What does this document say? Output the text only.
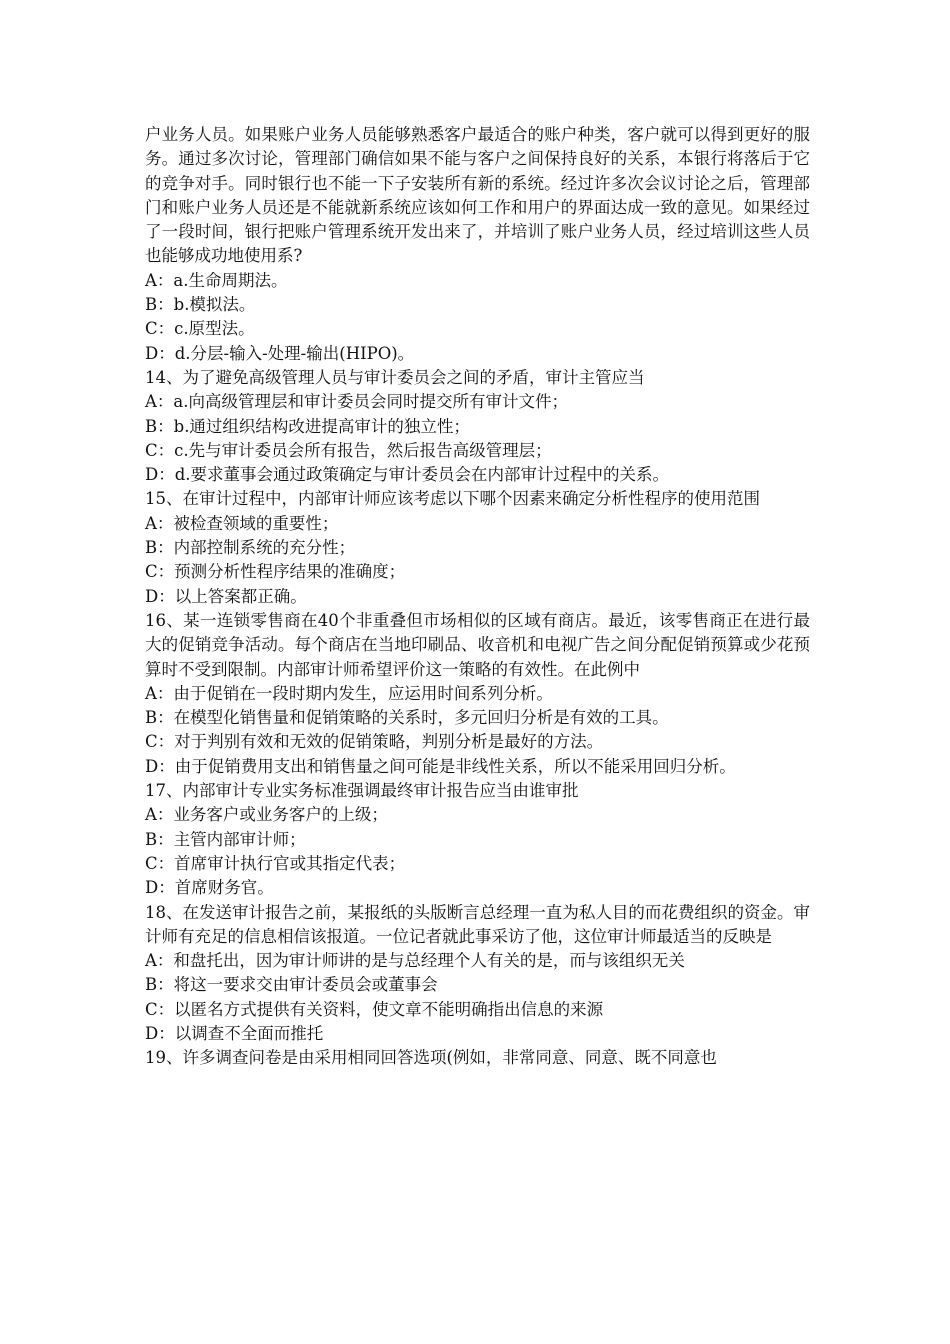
户业务人员。如果账户业务人员能够熟悉客户最适合的账户种类，客户就可以得到更好的服务。通过多次讨论，管理部门确信如果不能与客户之间保持良好的关系，本银行将落后于它的竞争对手。同时银行也不能一下子安装所有新的系统。经过许多次会议讨论之后，管理部门和账户业务人员还是不能就新系统应该如何工作和用户的界面达成一致的意见。如果经过了一段时间，银行把账户管理系统开发出来了，并培训了账户业务人员，经过培训这些人员也能够成功地使用系?

A：a.生命周期法。

B：b.模拟法。

C：c.原型法。

D：d.分层-输入-处理-输出(HIPO)。

14、为了避免高级管理人员与审计委员会之间的矛盾，审计主管应当

A：a.向高级管理层和审计委员会同时提交所有审计文件；

B：b.通过组织结构改进提高审计的独立性；

C：c.先与审计委员会所有报告，然后报告高级管理层；

D：d.要求董事会通过政策确定与审计委员会在内部审计过程中的关系。

15、在审计过程中，内部审计师应该考虑以下哪个因素来确定分析性程序的使用范围

A：被检查领域的重要性；

B：内部控制系统的充分性；

C：预测分析性程序结果的准确度；

D：以上答案都正确。

16、某一连锁零售商在40个非重叠但市场相似的区域有商店。最近，该零售商正在进行最大的促销竞争活动。每个商店在当地印刷品、收音机和电视广告之间分配促销预算或少花预算时不受到限制。内部审计师希望评价这一策略的有效性。在此例中

A：由于促销在一段时期内发生，应运用时间系列分析。

B：在模型化销售量和促销策略的关系时，多元回归分析是有效的工具。

C：对于判别有效和无效的促销策略，判别分析是最好的方法。

D：由于促销费用支出和销售量之间可能是非线性关系，所以不能采用回归分析。

17、内部审计专业实务标准强调最终审计报告应当由谁审批

A：业务客户或业务客户的上级；

B：主管内部审计师；

C：首席审计执行官或其指定代表；

D：首席财务官。

18、在发送审计报告之前，某报纸的头版断言总经理一直为私人目的而花费组织的资金。审计师有充足的信息相信该报道。一位记者就此事采访了他，这位审计师最适当的反映是

A：和盘托出，因为审计师讲的是与总经理个人有关的是，而与该组织无关

B：将这一要求交由审计委员会或董事会

C：以匿名方式提供有关资料，使文章不能明确指出信息的来源

D：以调查不全面而推托

19、许多调查问卷是由采用相同回答选项(例如，非常同意、同意、既不同意也
